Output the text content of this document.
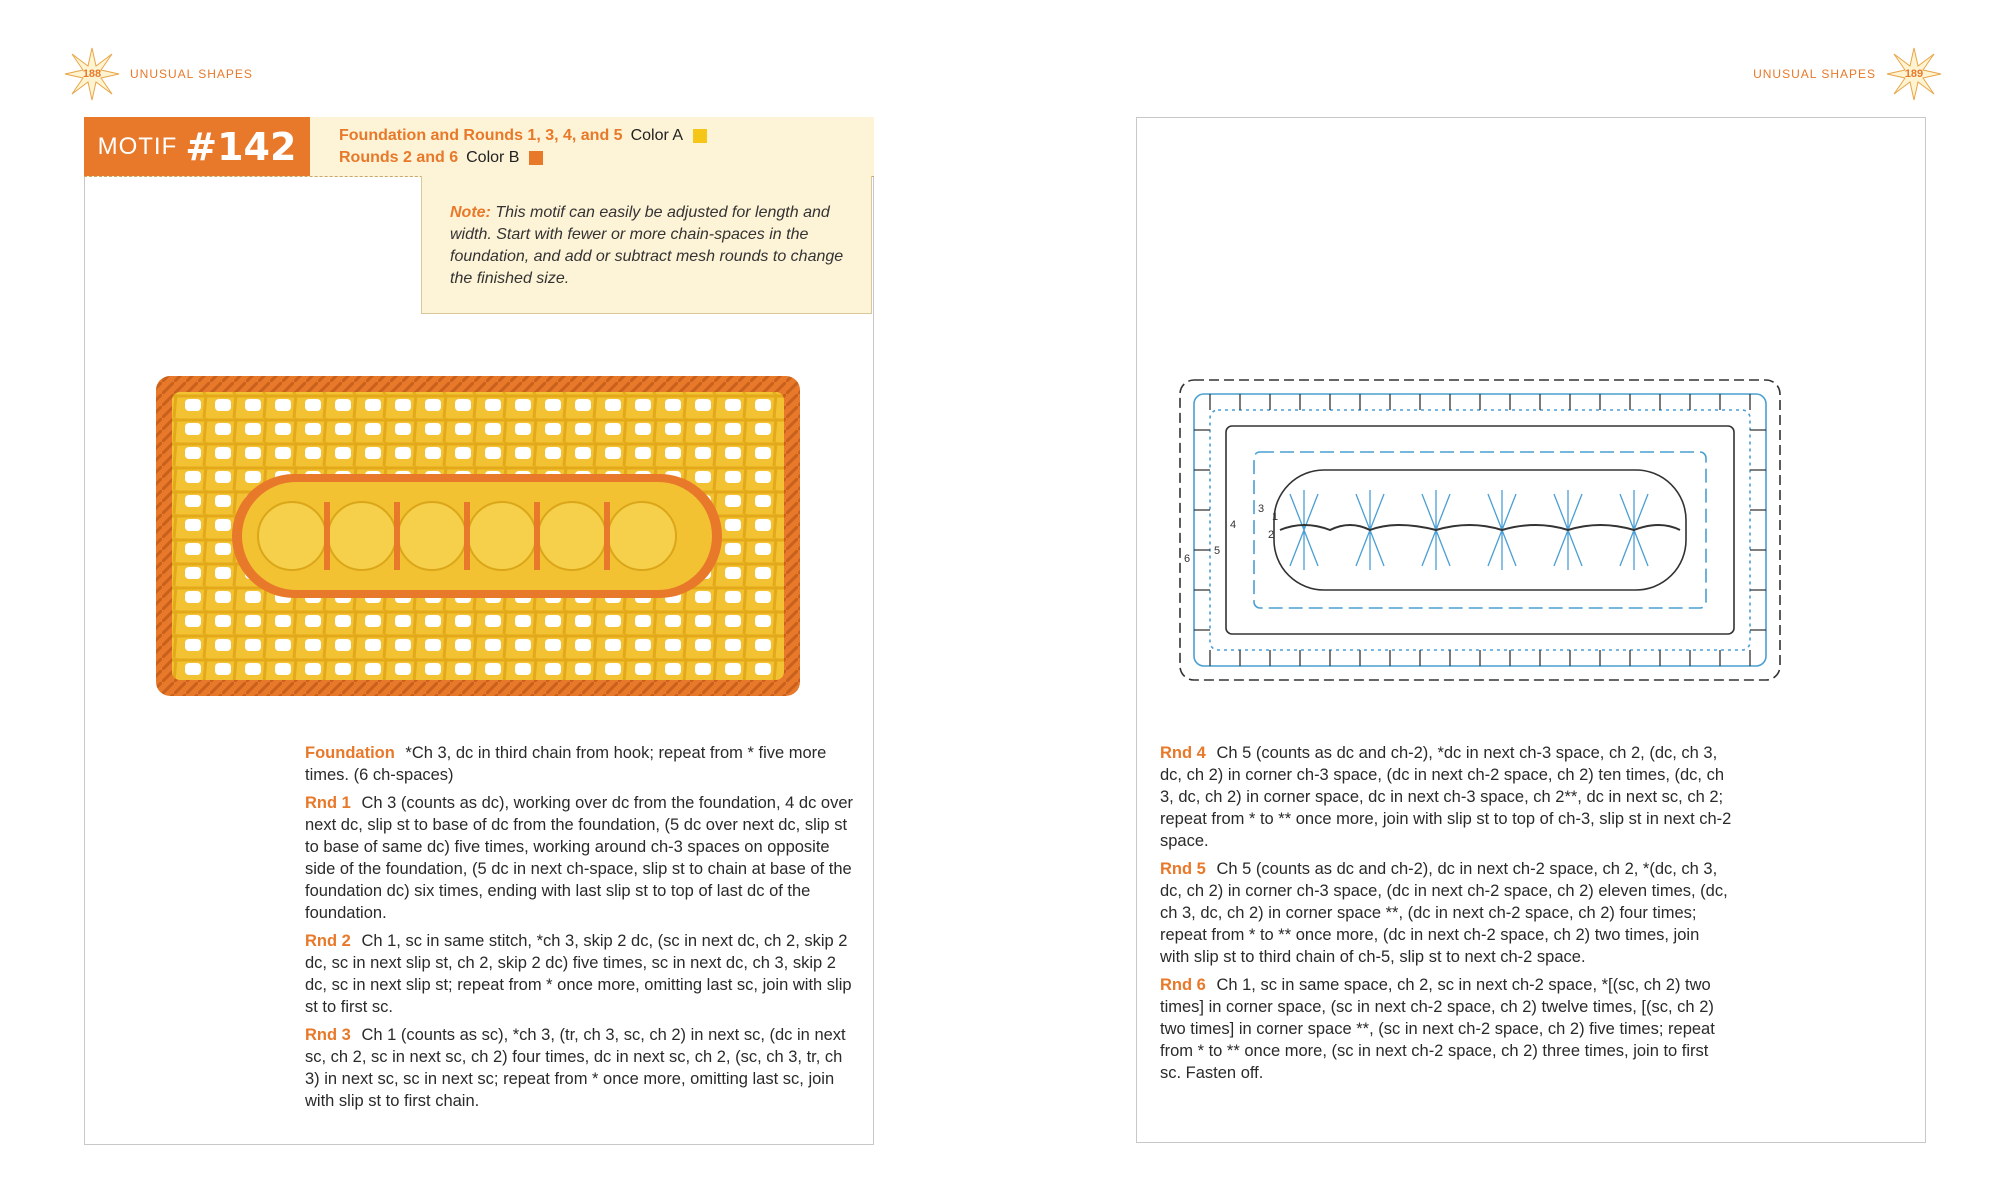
188	UNUSUAL SHAPES	UNUSUAL SHAPES	189
MOTIF #142	Foundation and Rounds 1, 3, 4, and 5 Color A
Rounds 2 and 6 Color B
Note: This motif can easily be adjusted for length and width. Start with fewer or more chain-spaces in the foundation, and add or subtract mesh rounds to change the finished size.
1
2
3
4
5
6

Foundation *Ch 3, dc in third chain from hook; repeat from * five more times. (6 ch-spaces)

Rnd 1 Ch 3 (counts as dc), working over dc from the foundation, 4 dc over next dc, slip st to base of dc from the foundation, (5 dc over next dc, slip st to base of same dc) five times, working around ch-3 spaces on opposite side of the foundation, (5 dc in next ch-space, slip st to chain at base of the foundation dc) six times, ending with last slip st to top of last dc of the foundation.

Rnd 2 Ch 1, sc in same stitch, *ch 3, skip 2 dc, (sc in next dc, ch 2, skip 2 dc, sc in next slip st, ch 2, skip 2 dc) five times, sc in next dc, ch 3, skip 2 dc, sc in next slip st; repeat from * once more, omitting last sc, join with slip st to first sc.

Rnd 3 Ch 1 (counts as sc), *ch 3, (tr, ch 3, sc, ch 2) in next sc, (dc in next sc, ch 2, sc in next sc, ch 2) four times, dc in next sc, ch 2, (sc, ch 3, tr, ch 3) in next sc, sc in next sc; repeat from * once more, omitting last sc, join with slip st to first chain.

Rnd 4 Ch 5 (counts as dc and ch-2), *dc in next ch-3 space, ch 2, (dc, ch 3, dc, ch 2) in corner ch-3 space, (dc in next ch-2 space, ch 2) ten times, (dc, ch 3, dc, ch 2) in corner space, dc in next ch-3 space, ch 2**, dc in next sc, ch 2; repeat from * to ** once more, join with slip st to top of ch-3, slip st in next ch-2 space.

Rnd 5 Ch 5 (counts as dc and ch-2), dc in next ch-2 space, ch 2, *(dc, ch 3, dc, ch 2) in corner ch-3 space, (dc in next ch-2 space, ch 2) eleven times, (dc, ch 3, dc, ch 2) in corner space **, (dc in next ch-2 space, ch 2) four times; repeat from * to ** once more, (dc in next ch-2 space, ch 2) two times, join with slip st to third chain of ch-5, slip st to next ch-2 space.

Rnd 6 Ch 1, sc in same space, ch 2, sc in next ch-2 space, *[(sc, ch 2) two times] in corner space, (sc in next ch-2 space, ch 2) twelve times, [(sc, ch 2) two times] in corner space **, (sc in next ch-2 space, ch 2) five times; repeat from * to ** once more, (sc in next ch-2 space, ch 2) three times, join to first sc. Fasten off.
